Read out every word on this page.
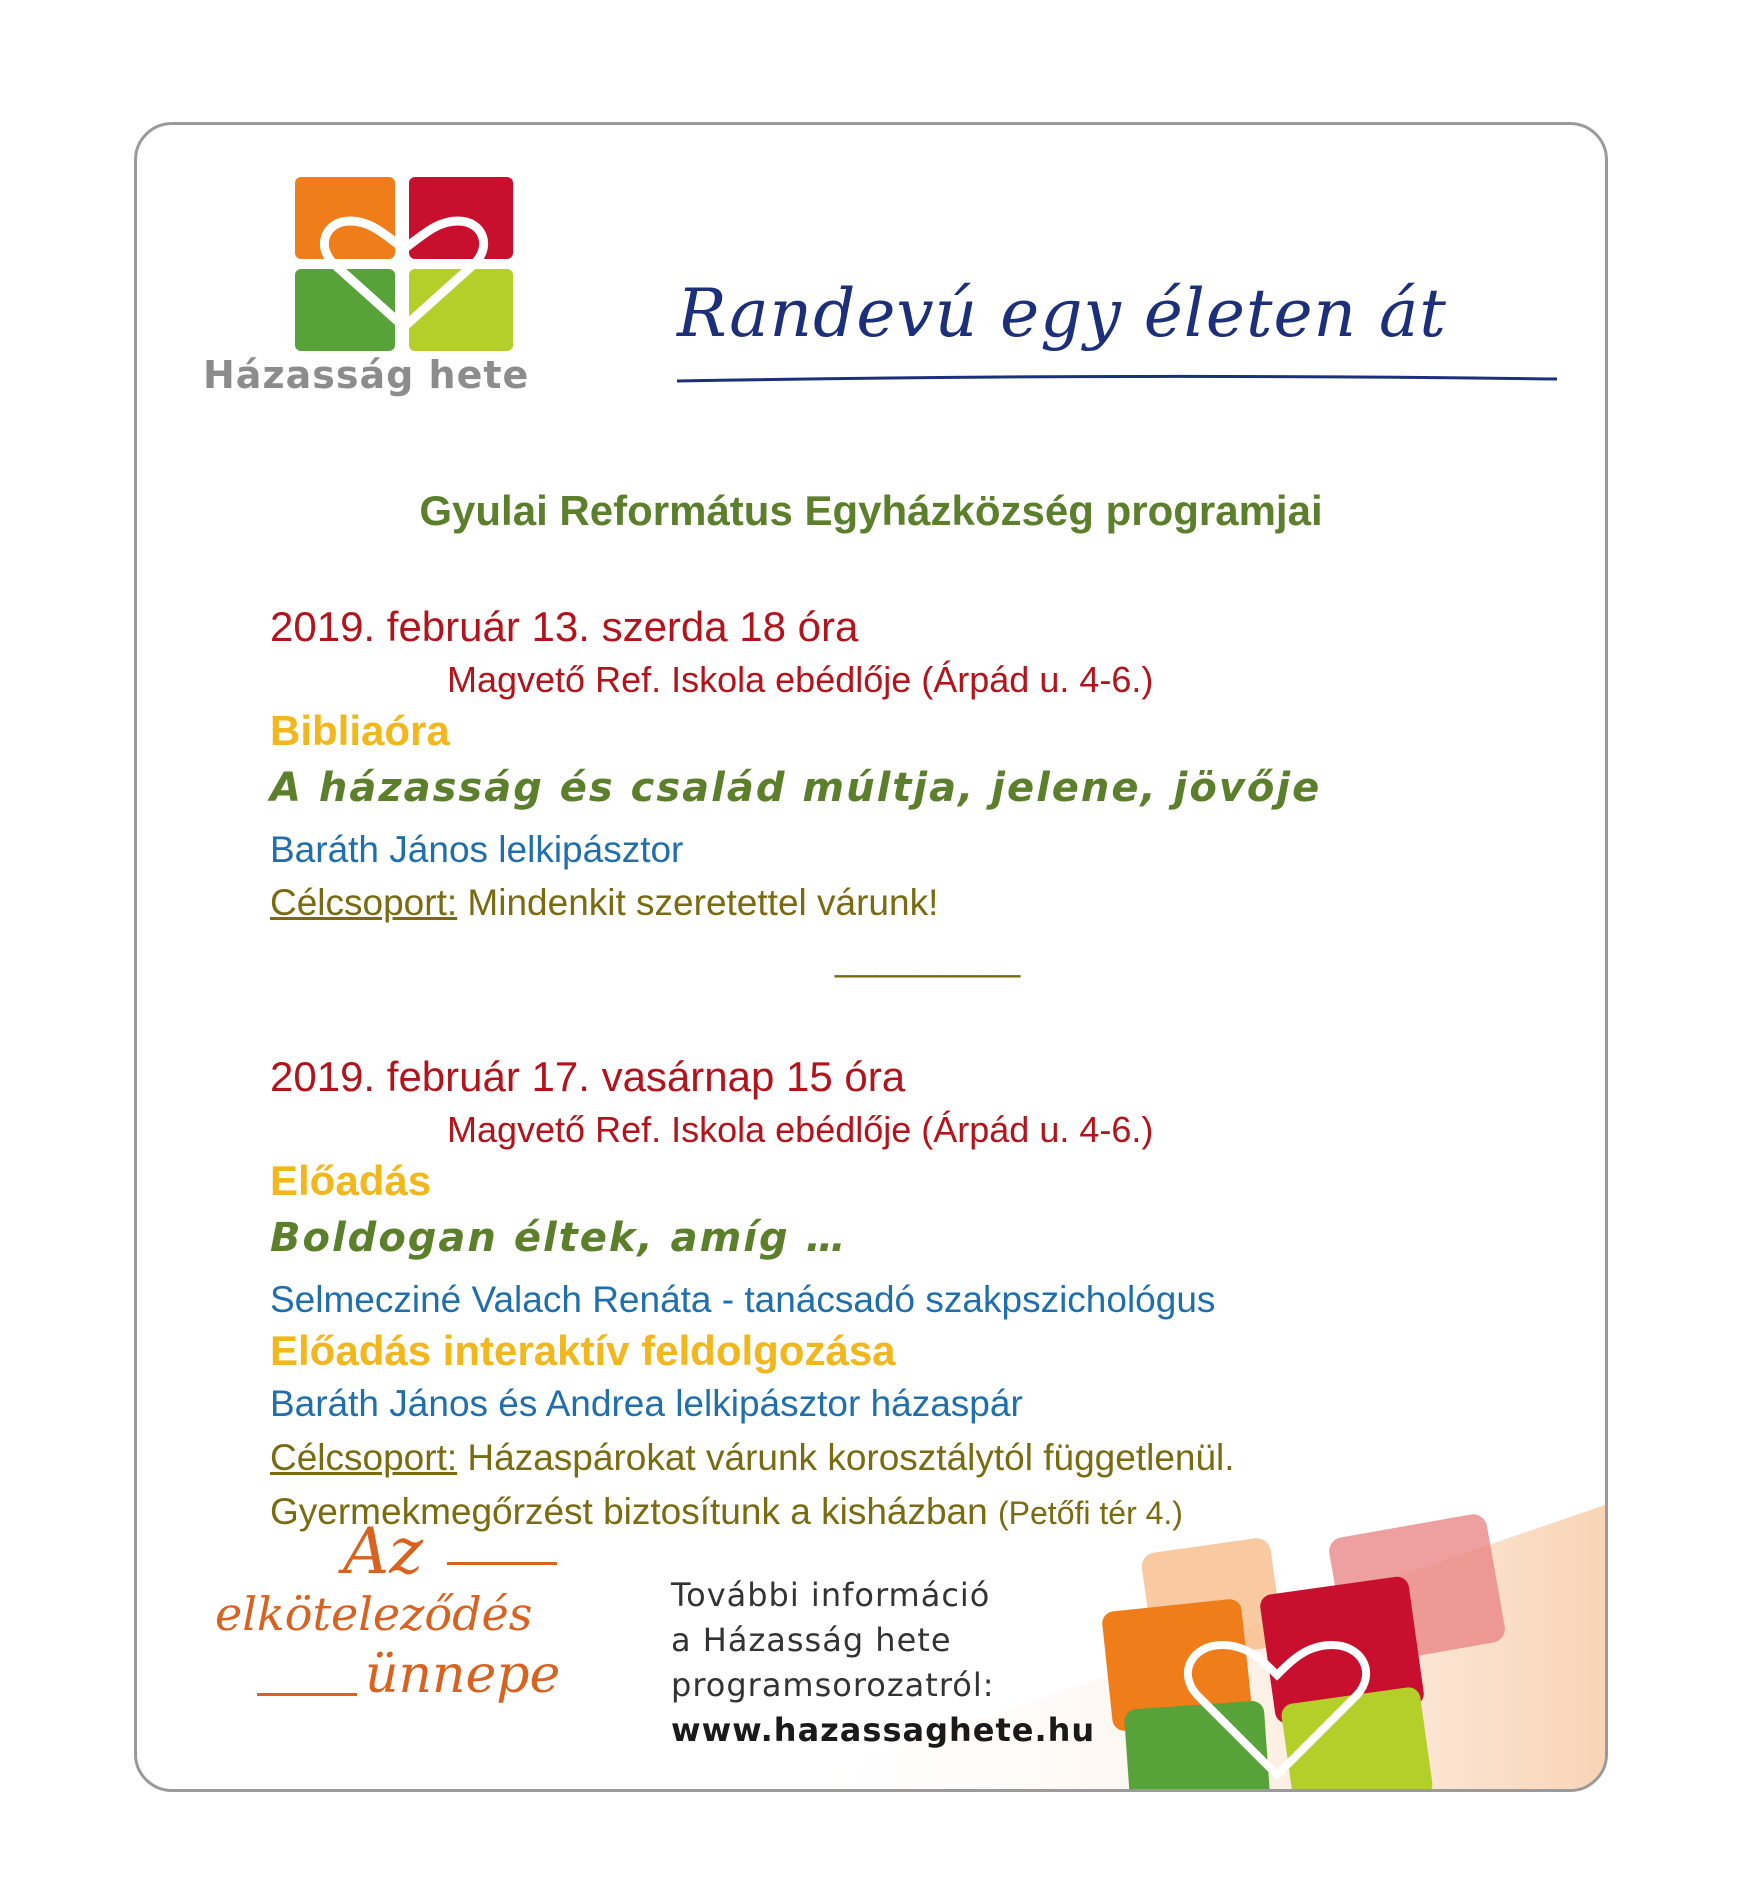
Házasság hete
Randevú egy életen át
Gyulai Református Egyházközség programjai
2019. február 13. szerda 18 óra
Magvető Ref. Iskola ebédlője (Árpád u. 4-6.)
Bibliaóra
A házasság és család múltja, jelene, jövője
Baráth János lelkipásztor
Célcsoport: Mindenkit szeretettel várunk!
_________
2019. február 17. vasárnap 15 óra
Magvető Ref. Iskola ebédlője (Árpád u. 4-6.)
Előadás
Boldogan éltek, amíg …
Selmecziné Valach Renáta - tanácsadó szakpszichológus
Előadás interaktív feldolgozása
Baráth János és Andrea lelkipásztor házaspár
Célcsoport: Házaspárokat várunk korosztálytól függetlenül.
Gyermekmegőrzést biztosítunk a kisházban (Petőfi tér 4.)
Az
elköteleződés
ünnepe
További információ
a Házasság hete
programsorozatról:
www.hazassaghete.hu
